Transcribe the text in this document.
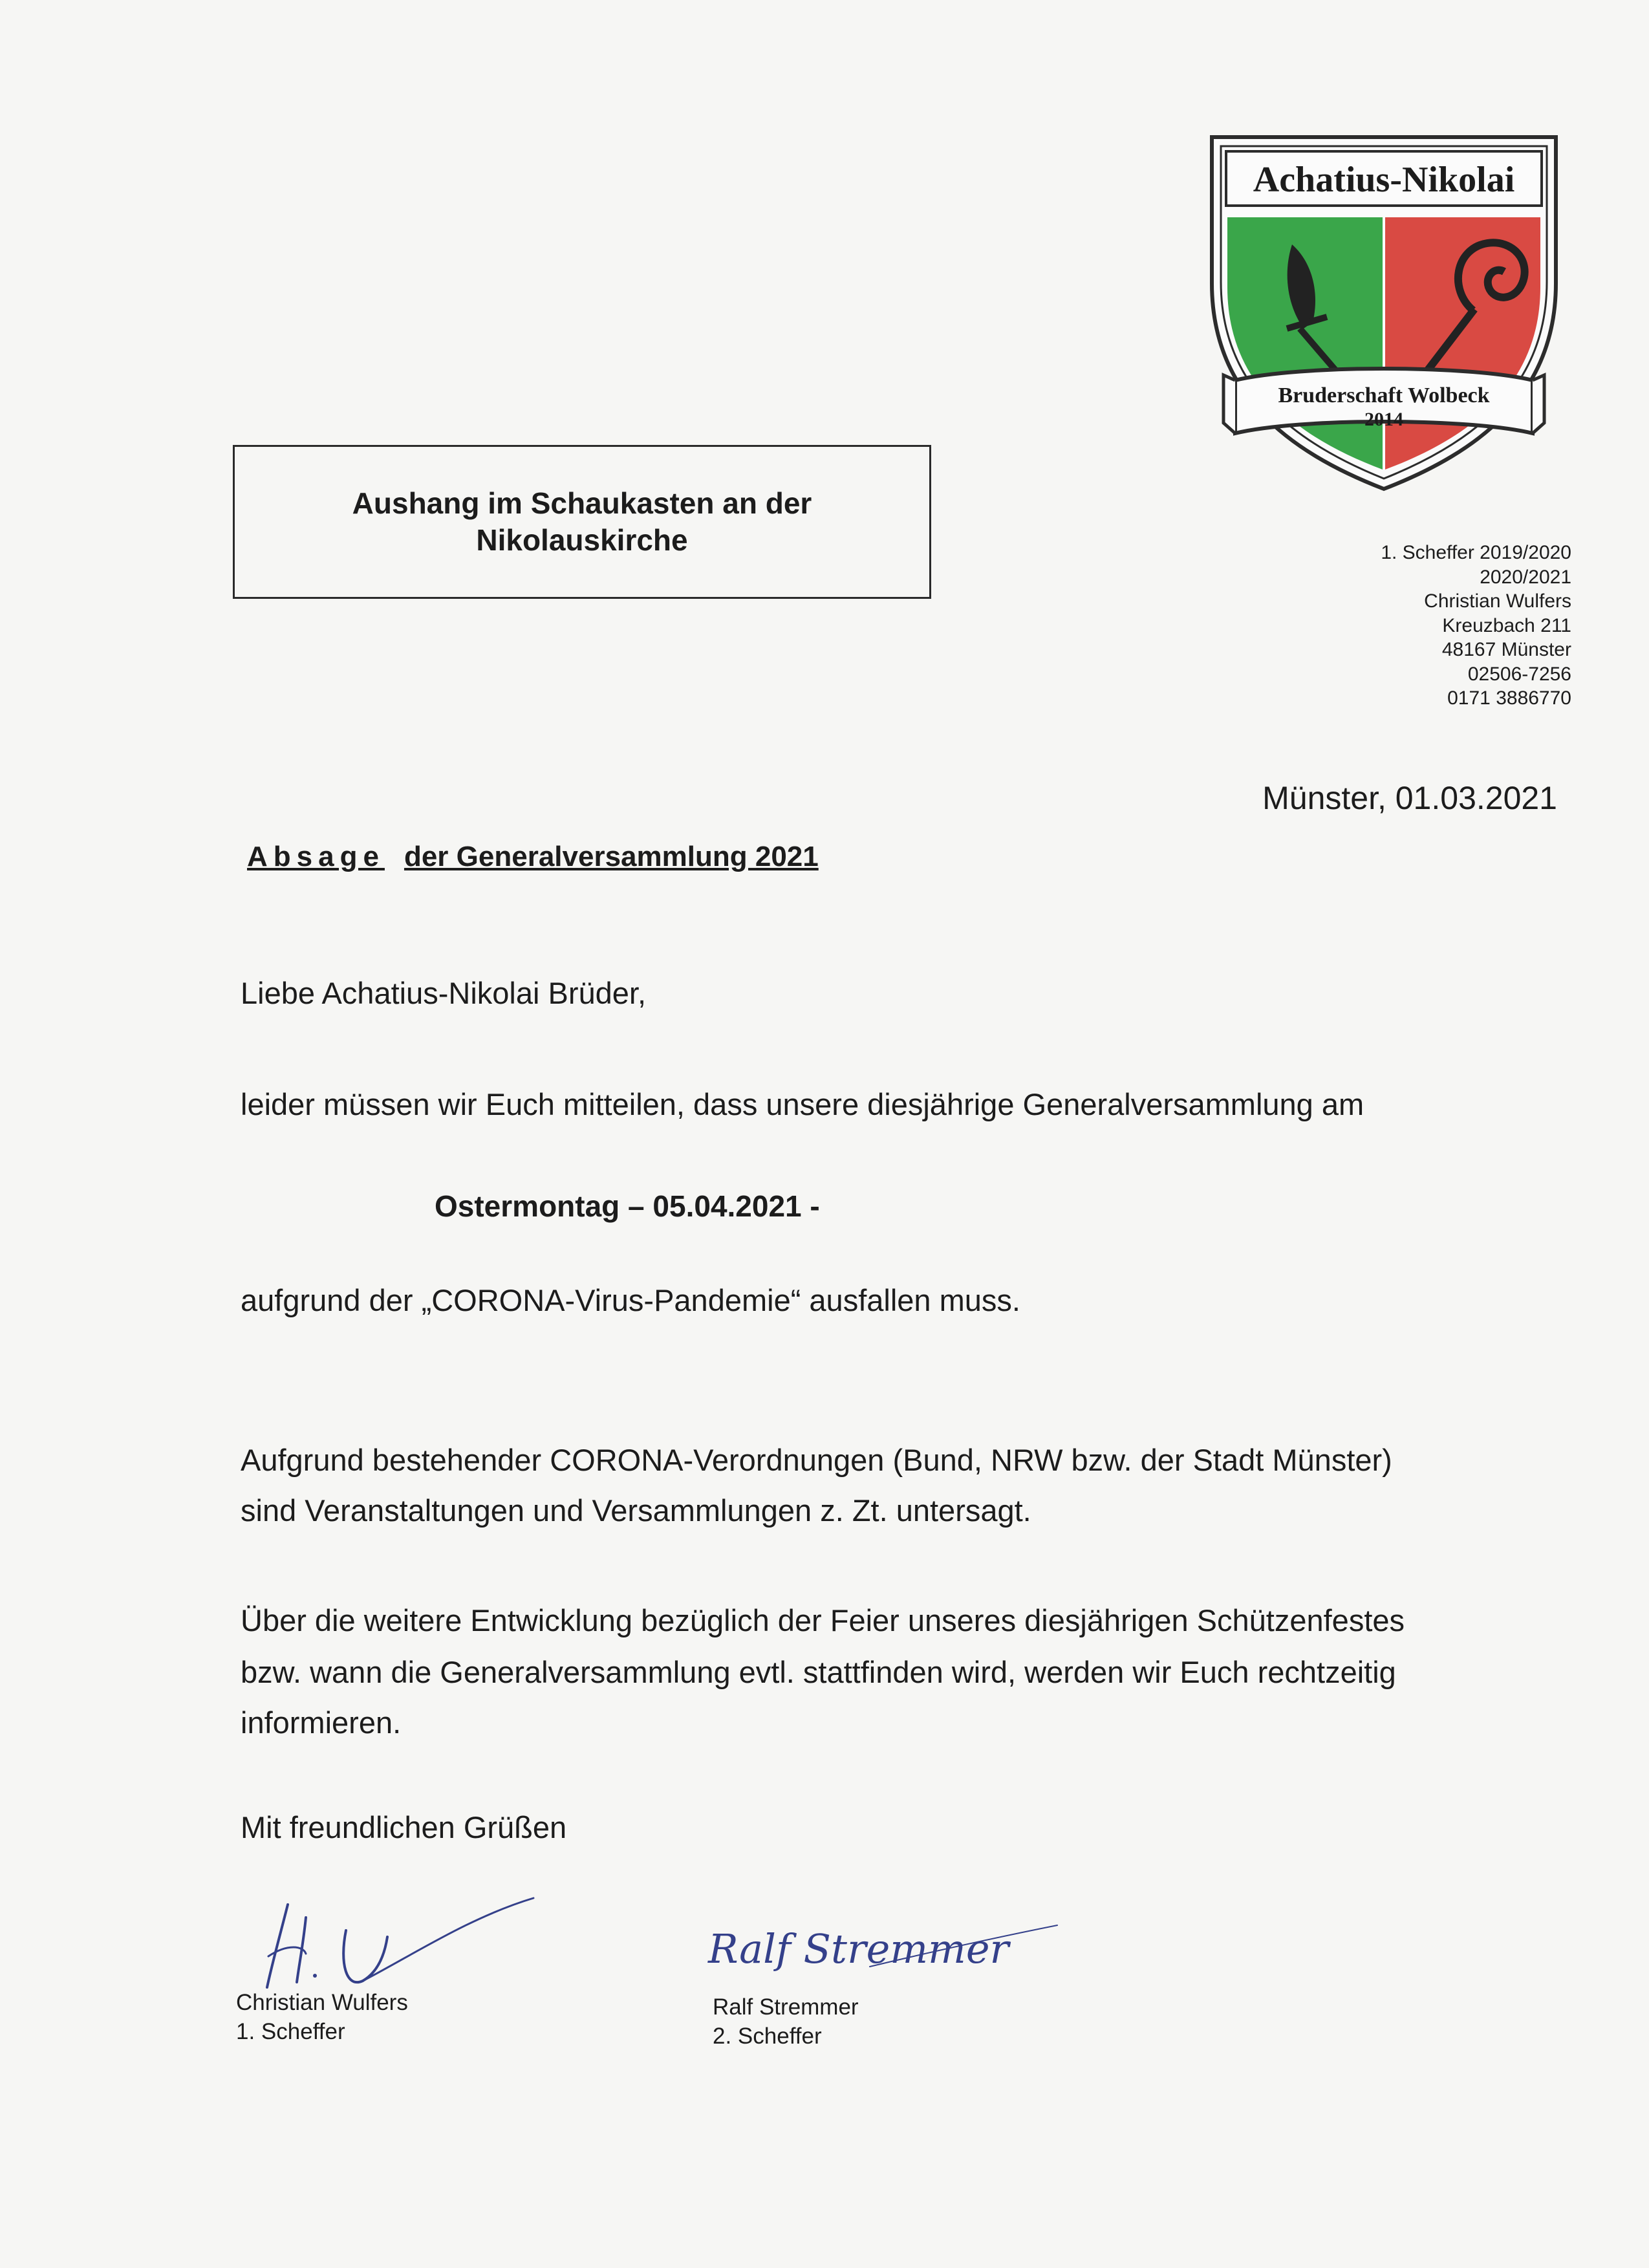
Aushang im Schaukasten an der
Nikolauskirche
Achatius-Nikolai
Bruderschaft Wolbeck
2014
1. Scheffer 2019/2020
2020/2021
Christian Wulfers
Kreuzbach 211
48167 Münster
02506-7256
0171 3886770
Münster, 01.03.2021
Absage der Generalversammlung 2021
Liebe Achatius-Nikolai Brüder,
leider müssen wir Euch mitteilen, dass unsere diesjährige Generalversammlung am
Ostermontag – 05.04.2021 -
aufgrund der „CORONA-Virus-Pandemie“ ausfallen muss.
Aufgrund bestehender CORONA-Verordnungen (Bund, NRW bzw. der Stadt Münster)
sind Veranstaltungen und Versammlungen z. Zt. untersagt.
Über die weitere Entwicklung bezüglich der Feier unseres diesjährigen Schützenfestes
bzw. wann die Generalversammlung evtl. stattfinden wird, werden wir Euch rechtzeitig
informieren.
Mit freundlichen Grüßen
Christian Wulfers
1. Scheffer
Ralf Stremmer
Ralf Stremmer
2. Scheffer
